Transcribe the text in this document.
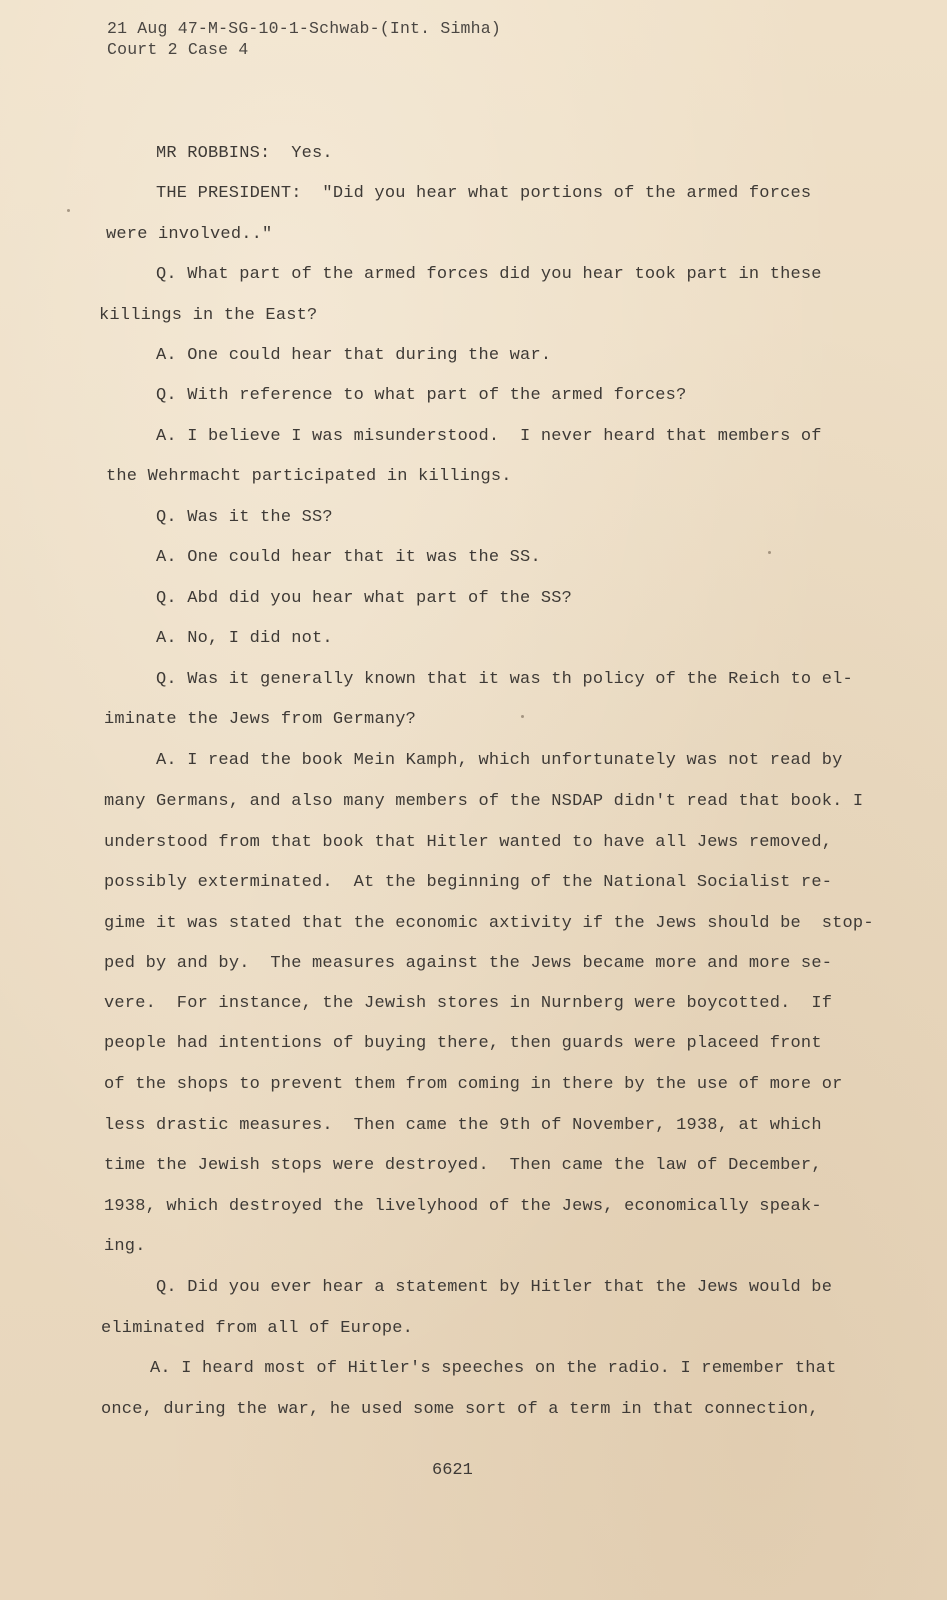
21 Aug 47-M-SG-10-1-Schwab-(Int. Simha)
Court 2 Case 4
MR ROBBINS:  Yes.
THE PRESIDENT:  "Did you hear what portions of the armed forces
were involved.."
Q. What part of the armed forces did you hear took part in these
killings in the East?
A. One could hear that during the war.
Q. With reference to what part of the armed forces?
A. I believe I was misunderstood.  I never heard that members of
the Wehrmacht participated in killings.
Q. Was it the SS?
A. One could hear that it was the SS.
Q. Abd did you hear what part of the SS?
A. No, I did not.
Q. Was it generally known that it was th policy of the Reich to el-
iminate the Jews from Germany?
A. I read the book Mein Kamph, which unfortunately was not read by
many Germans, and also many members of the NSDAP didn't read that book. I
understood from that book that Hitler wanted to have all Jews removed,
possibly exterminated.  At the beginning of the National Socialist re-
gime it was stated that the economic axtivity if the Jews should be  stop-
ped by and by.  The measures against the Jews became more and more se-
vere.  For instance, the Jewish stores in Nurnberg were boycotted.  If
people had intentions of buying there, then guards were placeed front
of the shops to prevent them from coming in there by the use of more or
less drastic measures.  Then came the 9th of November, 1938, at which
time the Jewish stops were destroyed.  Then came the law of December,
1938, which destroyed the livelyhood of the Jews, economically speak-
ing.
Q. Did you ever hear a statement by Hitler that the Jews would be
eliminated from all of Europe.
A. I heard most of Hitler's speeches on the radio. I remember that
once, during the war, he used some sort of a term in that connection,
6621
